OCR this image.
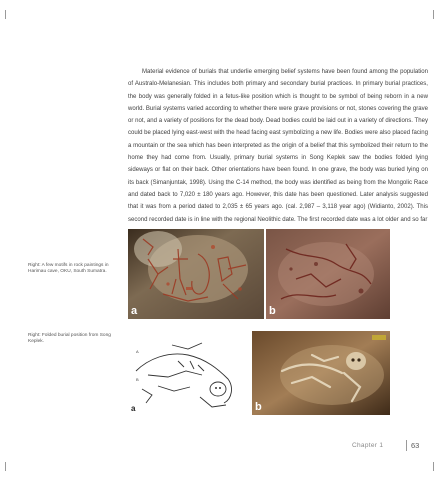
Material evidence of burials that underlie emerging belief systems have been found among the population of Australo-Melanesian. This includes both primary and secondary burial practices. In primary burial practices, the body was generally folded in a fetus-like position which is thought to be symbol of being reborn in a new world. Burial systems varied according to whether there were grave provisions or not, stones covering the grave or not, and a variety of positions for the dead body. Dead bodies could be laid out in a variety of directions. They could be placed lying east-west with the head facing east symbolizing a new life. Bodies were also placed facing a mountain or the sea which has been interpreted as the origin of a belief that this symbolized their return to the home they had come from. Usually, primary burial systems in Song Keplek saw the bodies folded lying sideways or flat on their back. Other orientations have been found. In one grave, the body was buried lying on its back (Simanjuntak, 1998). Using the C-14 method, the body was identified as being from the Mongolic Race and dated back to 7,020 ± 180 years ago. However, this date has been questioned. Later analysis suggested that it was from a period dated to 2,035 ± 65 years ago. (cal. 2,987 – 3,118 year ago) (Widianto, 2002). This second recorded date is in line with the regional Neolithic date. The first recorded date was a lot older and so far

Right: A few motifs in rock paintings in Harimau cave, OKU, South Sumatra.
a	b
Right: Folded burial position from Song Keplek.
A
B
a	b
Chapter 1	63
